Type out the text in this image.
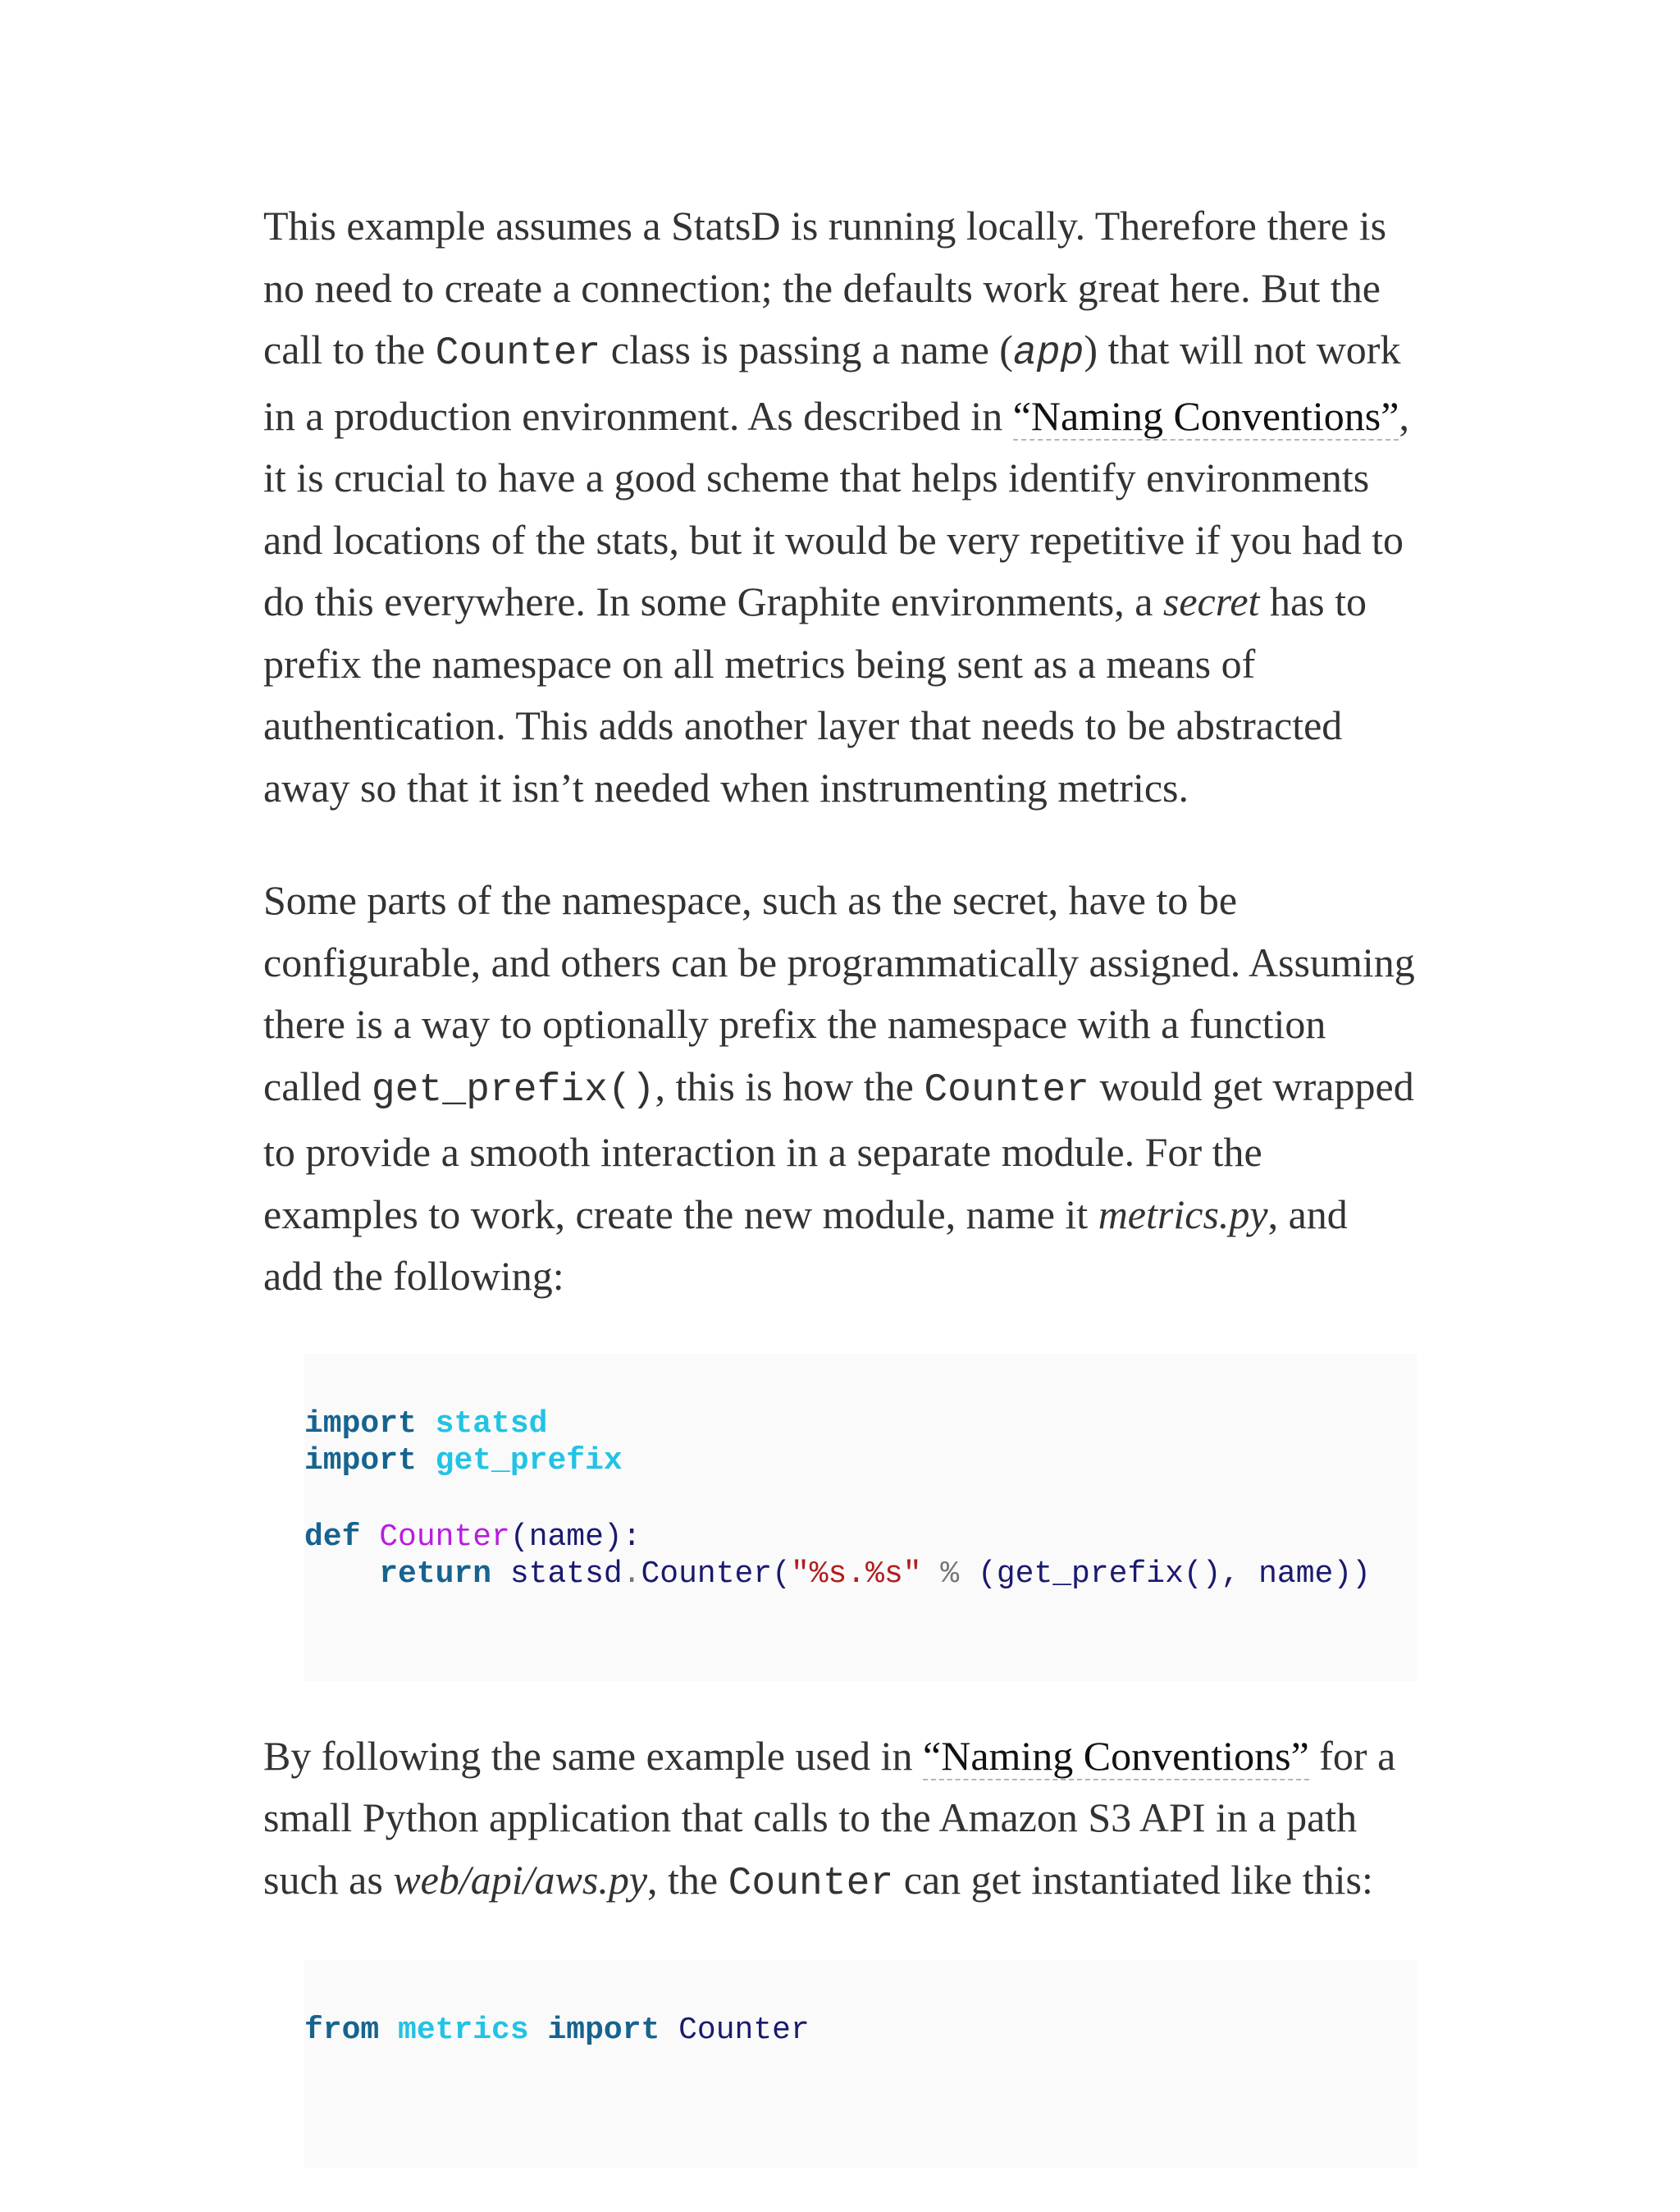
This example assumes a StatsD is running locally. Therefore there is no need to create a connection; the defaults work great here. But the call to the Counter class is passing a name (app) that will not work in a production environment. As described in “Naming Conventions”, it is crucial to have a good scheme that helps identify environments and locations of the stats, but it would be very repetitive if you had to do this everywhere. In some Graphite environments, a secret has to prefix the namespace on all metrics being sent as a means of authentication. This adds another layer that needs to be abstracted away so that it isn’t needed when instrumenting metrics.

Some parts of the namespace, such as the secret, have to be configurable, and others can be programmatically assigned. Assuming there is a way to optionally prefix the namespace with a function called get_prefix(), this is how the Counter would get wrapped to provide a smooth interaction in a separate module. For the examples to work, create the new module, name it metrics.py, and add the following:

import statsd
import get_prefix
def Counter(name):
return statsd.Counter("%s.%s" % (get_prefix(), name))

By following the same example used in “Naming Conventions” for a small Python application that calls to the Amazon S3 API in a path such as web/api/aws.py, the Counter can get instantiated like this:

from metrics import Counter
